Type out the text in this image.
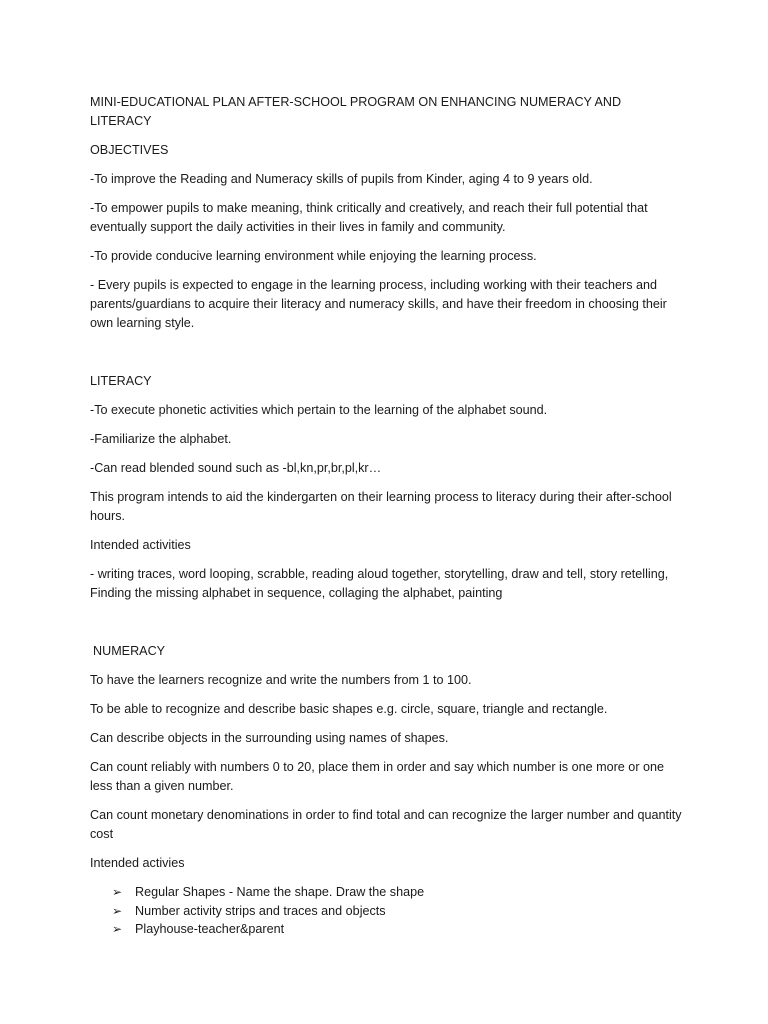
MINI-EDUCATIONAL PLAN AFTER-SCHOOL PROGRAM ON ENHANCING NUMERACY AND LITERACY

OBJECTIVES

-To improve the Reading and Numeracy skills of pupils from Kinder, aging 4 to 9 years old.

-To empower pupils to make meaning, think critically and creatively, and reach their full potential that eventually support the daily activities in their lives in family and community.

-To provide conducive learning environment while enjoying the learning process.

- Every pupils is expected to engage in the learning process, including working with their teachers and parents/guardians to acquire their literacy and numeracy skills, and have their freedom in choosing their own learning style.

LITERACY

-To execute phonetic activities which pertain to the learning of the alphabet sound.

-Familiarize the alphabet.

-Can read blended sound such as -bl,kn,pr,br,pl,kr…

This program intends to aid the kindergarten on their learning process to literacy during their after-school hours.

Intended activities

- writing traces, word looping, scrabble, reading aloud together, storytelling, draw and tell, story retelling, Finding the missing alphabet in sequence, collaging the alphabet, painting

NUMERACY

To have the learners recognize and write the numbers from 1 to 100.

To be able to recognize and describe basic shapes e.g. circle, square, triangle and rectangle.

Can describe objects in the surrounding using names of shapes.

Can count reliably with numbers 0 to 20, place them in order and say which number is one more or one less than a given number.

Can count monetary denominations in order to find total and can recognize the larger number and quantity cost

Intended activies

➢	Regular Shapes - Name the shape. Draw the shape
➢	Number activity strips and traces and objects
➢	Playhouse-teacher&parent
